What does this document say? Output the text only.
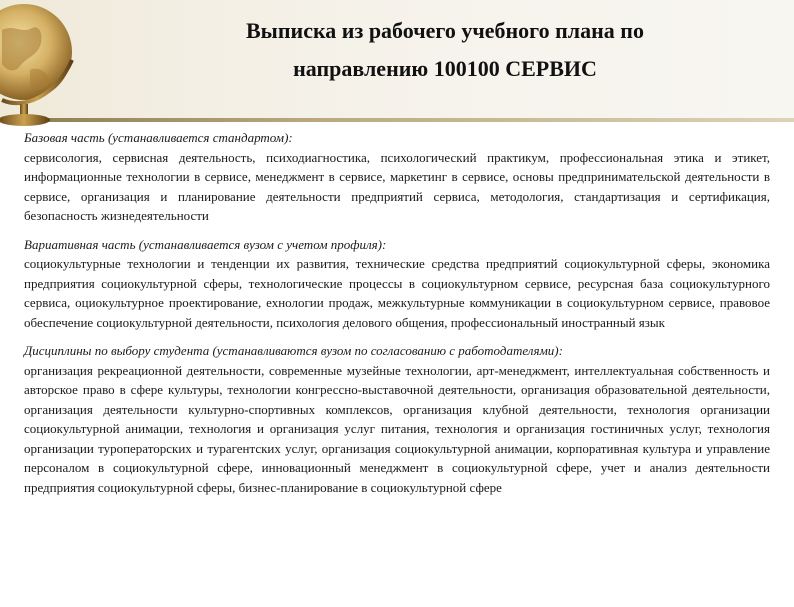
Выписка из рабочего учебного плана по
направлению 100100 СЕРВИС
Базовая часть (устанавливается стандартом):
сервисология, сервисная деятельность, психодиагностика, психологический практикум, профессиональная этика и этикет, информационные технологии в сервисе, менеджмент в сервисе, маркетинг в сервисе, основы предпринимательской деятельности в сервисе, организация и планирование деятельности предприятий сервиса, методология, стандартизация и сертификация, безопасность жизнедеятельности
Вариативная часть (устанавливается вузом с учетом профиля):
социокультурные технологии и тенденции их развития, технические средства предприятий социокультурной сферы, экономика предприятия социокультурной сферы, технологические процессы в социокультурном сервисе, ресурсная база социокультурного сервиса, оциокультурное проектирование, ехнологии продаж, межкультурные коммуникации в социокультурном сервисе, правовое обеспечение социокультурной деятельности, психология делового общения, профессиональный иностранный язык
Дисциплины по выбору студента (устанавливаются вузом по согласованию с работодателями):
организация рекреационной деятельности, современные музейные технологии, арт-менеджмент, интеллектуальная собственность и авторское право в сфере культуры, технологии конгрессно-выставочной деятельности, организация образовательной деятельности, организация деятельности культурно-спортивных комплексов, организация клубной деятельности, технология организации социокультурной анимации, технология и организация услуг питания, технология и организация гостиничных услуг, технология организации туроператорских и турагентских услуг, организация социокультурной анимации, корпоративная культура и управление персоналом в социокультурной сфере, инновационный менеджмент в социокультурной сфере, учет и анализ деятельности предприятия социокультурной сферы, бизнес-планирование в социокультурной сфере
